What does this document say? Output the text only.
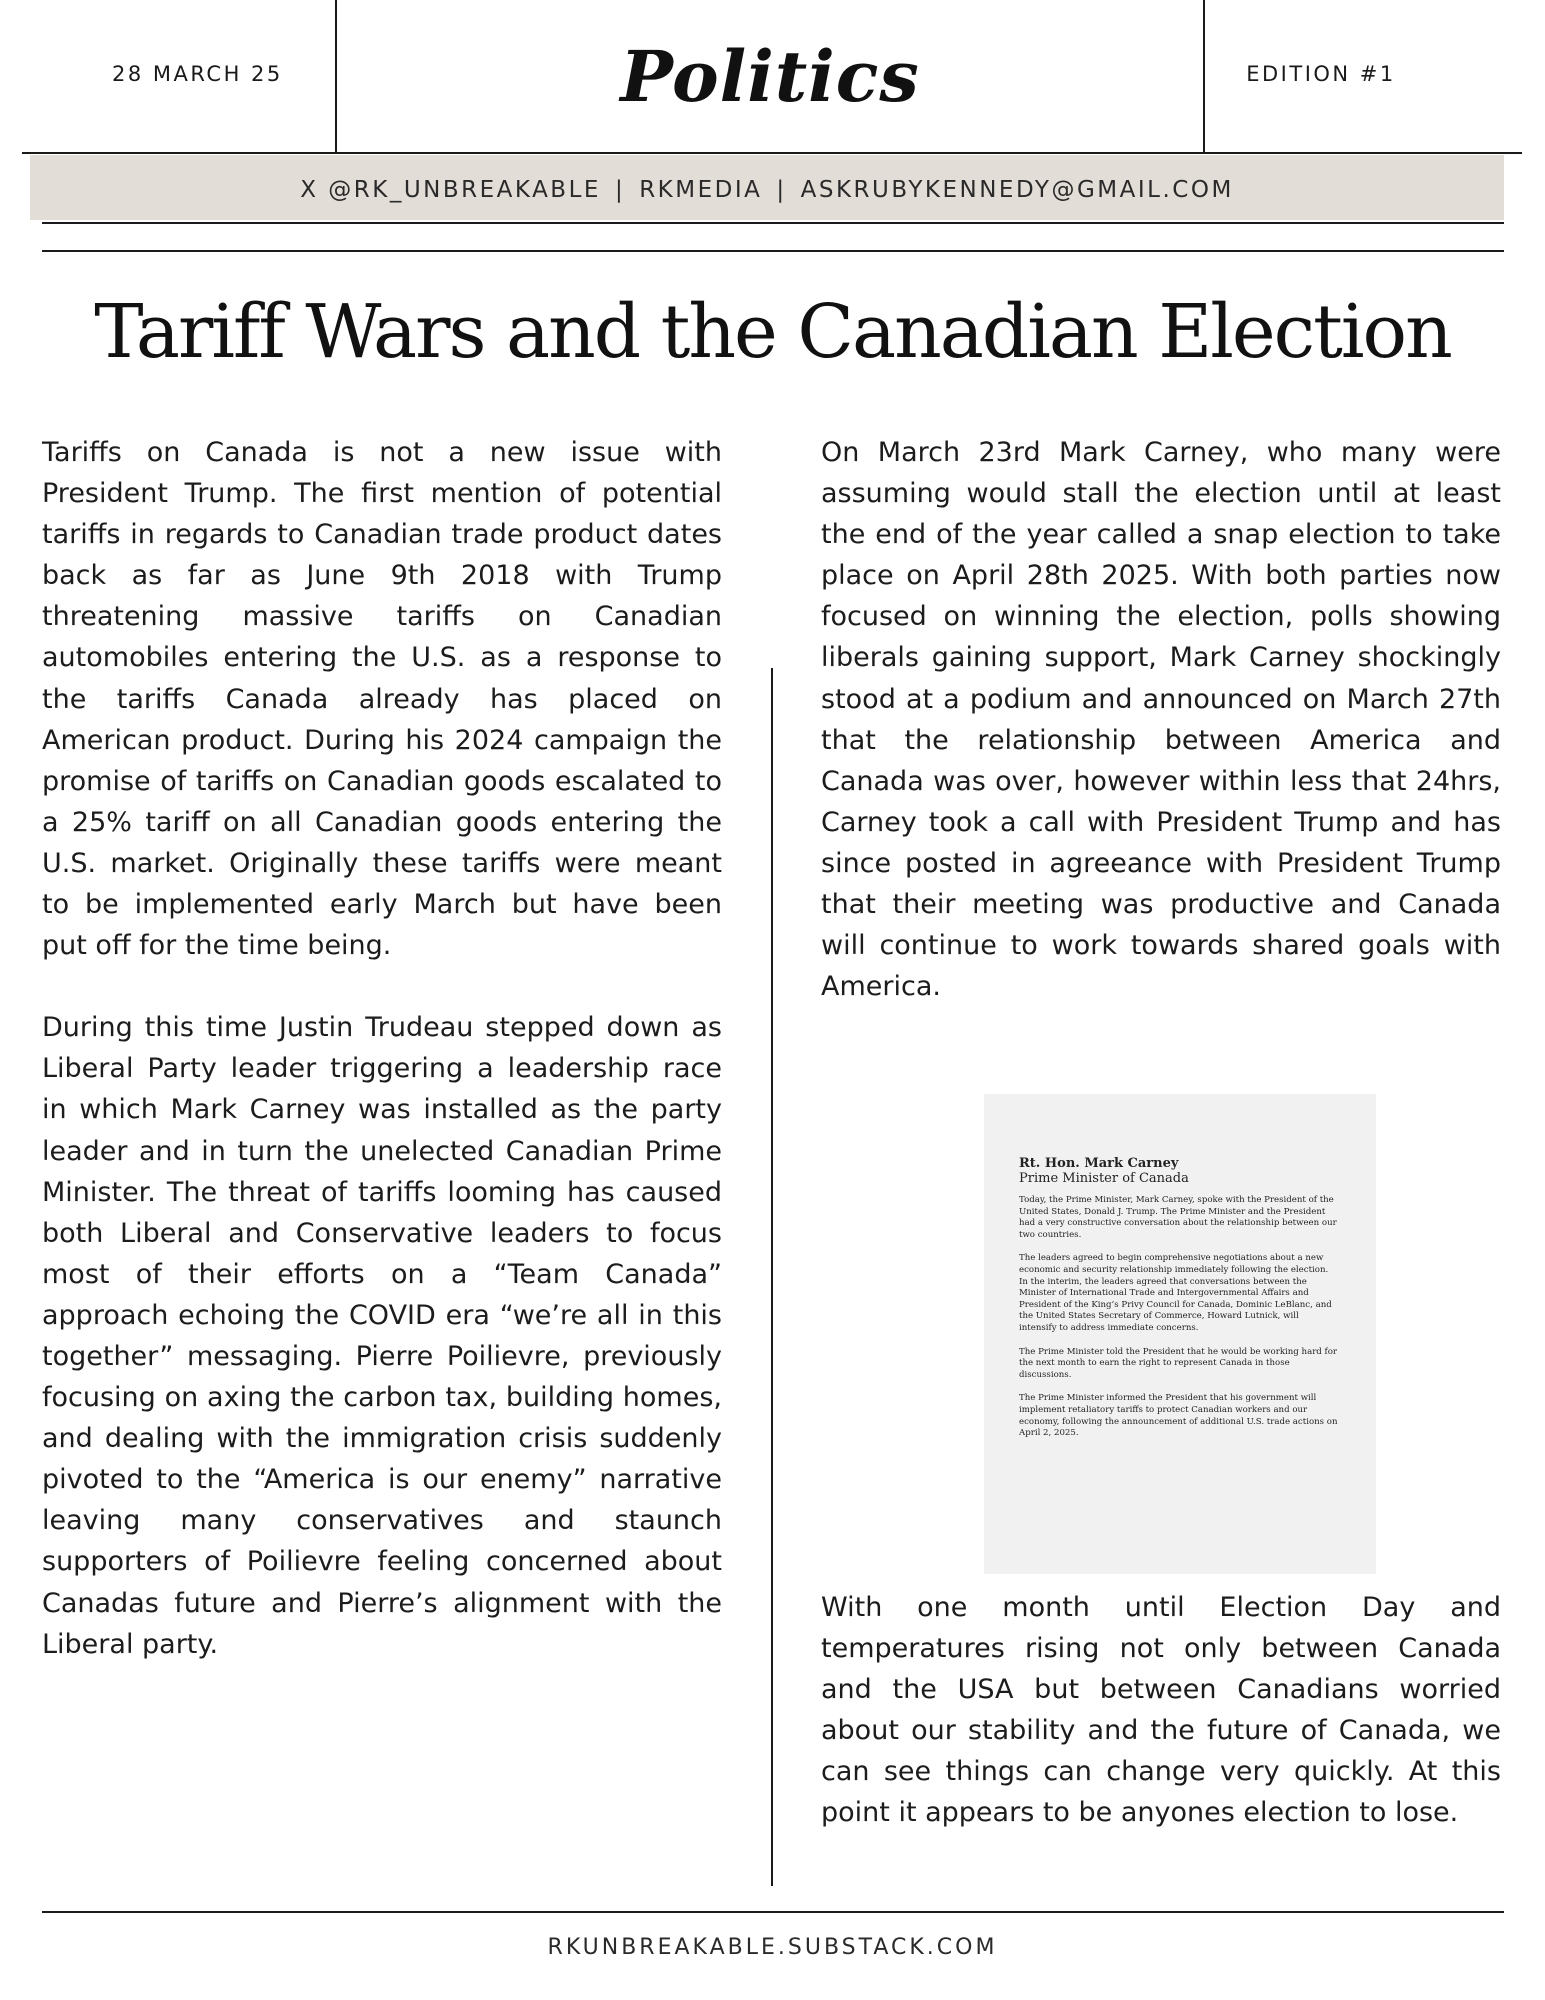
28 MARCH 25	Politics	EDITION #1
X @RK_UNBREAKABLE | RKMEDIA | ASKRUBYKENNEDY@GMAIL.COM
Tariff Wars and the Canadian Election

Tariffs on Canada is not a new issue with President Trump. The first mention of potential tariffs in regards to Canadian trade product dates back as far as June 9th 2018 with Trump threatening massive tariffs on Canadian automobiles entering the U.S. as a response to the tariffs Canada already has placed on American product. During his 2024 campaign the promise of tariffs on Canadian goods escalated to a 25% tariff on all Canadian goods entering the U.S. market. Originally these tariffs were meant to be implemented early March but have been put off for the time being.

During this time Justin Trudeau stepped down as Liberal Party leader triggering a leadership race in which Mark Carney was installed as the party leader and in turn the unelected Canadian Prime Minister. The threat of tariffs looming has caused both Liberal and Conservative leaders to focus most of their efforts on a “Team Canada” approach echoing the COVID era “we’re all in this together” messaging. Pierre Poilievre, previously focusing on axing the carbon tax, building homes, and dealing with the immigration crisis suddenly pivoted to the “America is our enemy” narrative leaving many conservatives and staunch supporters of Poilievre feeling concerned about Canadas future and Pierre’s alignment with the Liberal party.

On March 23rd Mark Carney, who many were assuming would stall the election until at least the end of the year called a snap election to take place on April 28th 2025. With both parties now focused on winning the election, polls showing liberals gaining support, Mark Carney shockingly stood at a podium and announced on March 27th that the relationship between America and Canada was over, however within less that 24hrs, Carney took a call with President Trump and has since posted in agreeance with President Trump that their meeting was productive and Canada will continue to work towards shared goals with America.

Rt. Hon. Mark Carney
Prime Minister of Canada

Today, the Prime Minister, Mark Carney, spoke with the President of the United States, Donald J. Trump. The Prime Minister and the President had a very constructive conversation about the relationship between our two countries.

The leaders agreed to begin comprehensive negotiations about a new economic and security relationship immediately following the election. In the interim, the leaders agreed that conversations between the Minister of International Trade and Intergovernmental Affairs and President of the King’s Privy Council for Canada, Dominic LeBlanc, and the United States Secretary of Commerce, Howard Lutnick, will intensify to address immediate concerns.

The Prime Minister told the President that he would be working hard for the next month to earn the right to represent Canada in those discussions.

The Prime Minister informed the President that his government will implement retaliatory tariffs to protect Canadian workers and our economy, following the announcement of additional U.S. trade actions on April 2, 2025.

With one month until Election Day and temperatures rising not only between Canada and the USA but between Canadians worried about our stability and the future of Canada, we can see things can change very quickly. At this point it appears to be anyones election to lose.

RKUNBREAKABLE.SUBSTACK.COM
